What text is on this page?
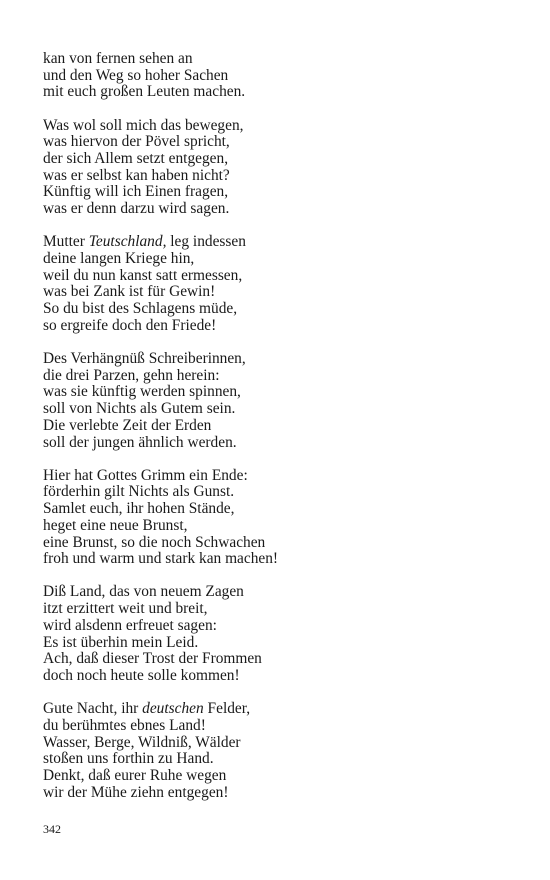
kan von fernen sehen an
und den Weg so hoher Sachen
mit euch großen Leuten machen.
Was wol soll mich das bewegen,
was hiervon der Pövel spricht,
der sich Allem setzt entgegen,
was er selbst kan haben nicht?
Künftig will ich Einen fragen,
was er denn darzu wird sagen.
Mutter Teutschland, leg indessen
deine langen Kriege hin,
weil du nun kanst satt ermessen,
was bei Zank ist für Gewin!
So du bist des Schlagens müde,
so ergreife doch den Friede!
Des Verhängnüß Schreiberinnen,
die drei Parzen, gehn herein:
was sie künftig werden spinnen,
soll von Nichts als Gutem sein.
Die verlebte Zeit der Erden
soll der jungen ähnlich werden.
Hier hat Gottes Grimm ein Ende:
förderhin gilt Nichts als Gunst.
Samlet euch, ihr hohen Stände,
heget eine neue Brunst,
eine Brunst, so die noch Schwachen
froh und warm und stark kan machen!
Diß Land, das von neuem Zagen
itzt erzittert weit und breit,
wird alsdenn erfreuet sagen:
Es ist überhin mein Leid.
Ach, daß dieser Trost der Frommen
doch noch heute solle kommen!
Gute Nacht, ihr deutschen Felder,
du berühmtes ebnes Land!
Wasser, Berge, Wildniß, Wälder
stoßen uns forthin zu Hand.
Denkt, daß eurer Ruhe wegen
wir der Mühe ziehn entgegen!
342
